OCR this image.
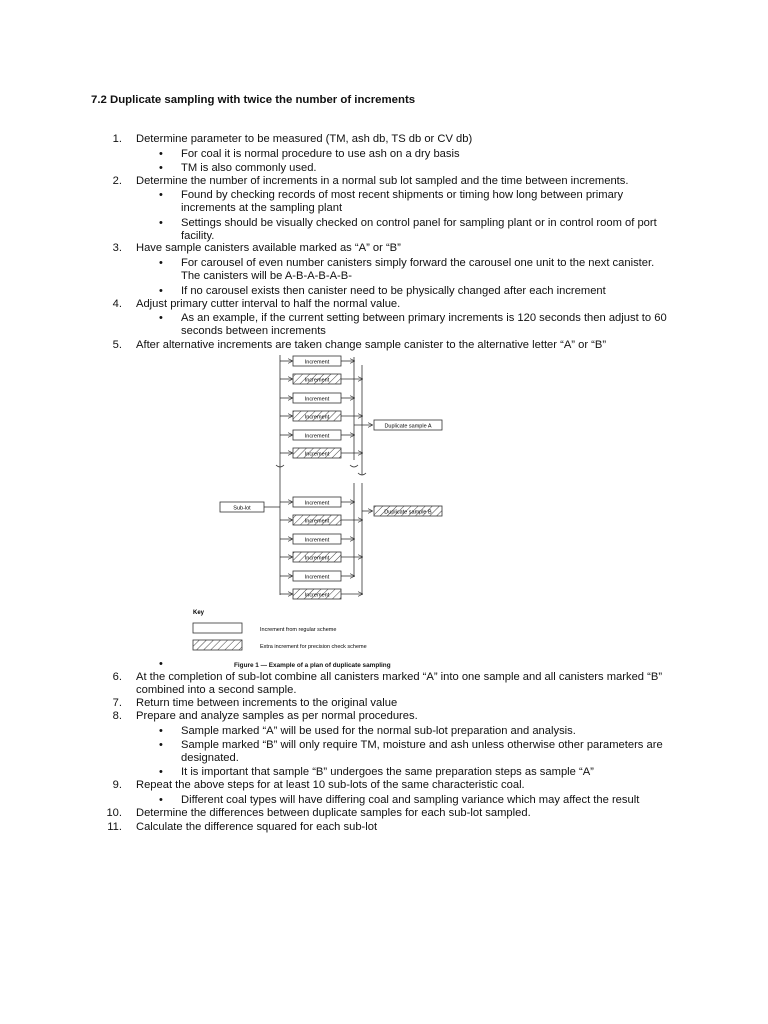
7.2 Duplicate sampling with twice the number of increments
Determine parameter to be measured (TM, ash db, TS db or CV db)
1.
• For coal it is normal procedure to use ash on a dry basis
• TM is also commonly used.
2. Determine the number of increments in a normal sub lot sampled and the time between increments.
• Found by checking records of most recent shipments or timing how long between primary
increments at the sampling plant
• Settings should be visually checked on control panel for sampling plant or in control room of port
facility.
3. Have sample canisters available marked as “A” or “B”
• For carousel of even number canisters simply forward the carousel one unit to the next canister.
The canisters will be A-B-A-B-A-B-
• If no carousel exists then canister need to be physically changed after each increment
4. Adjust primary cutter interval to half the normal value.
• As an example, if the current setting between primary increments is 120 seconds then adjust to 60
seconds between increments
5. After alternative increments are taken change sample canister to the alternative letter “A” or “B”
•
6. At the completion of sub-lot combine all canisters marked “A” into one sample and all canisters marked “B”
combined into a second sample.
7. Return time between increments to the original value
8. Prepare and analyze samples as per normal procedures.
• Sample marked “A” will be used for the normal sub-lot preparation and analysis.
• Sample marked “B” will only require TM, moisture and ash unless otherwise other parameters are
designated.
• It is important that sample “B” undergoes the same preparation steps as sample “A”
9. Repeat the above steps for at least 10 sub-lots of the same characteristic coal.
• Different coal types will have differing coal and sampling variance which may affect the result
10. Determine the differences between duplicate samples for each sub-lot sampled.
11. Calculate the difference squared for each sub-lot
Increment
Increment
Increment
Increment
Increment
Increment
Duplicate sample A
Sub-lot
Increment
Increment
Increment
Increment
Increment
Increment
Duplicate sample B
Key
Increment from regular scheme
Extra increment for precision check scheme
Figure 1 — Example of a plan of duplicate sampling
